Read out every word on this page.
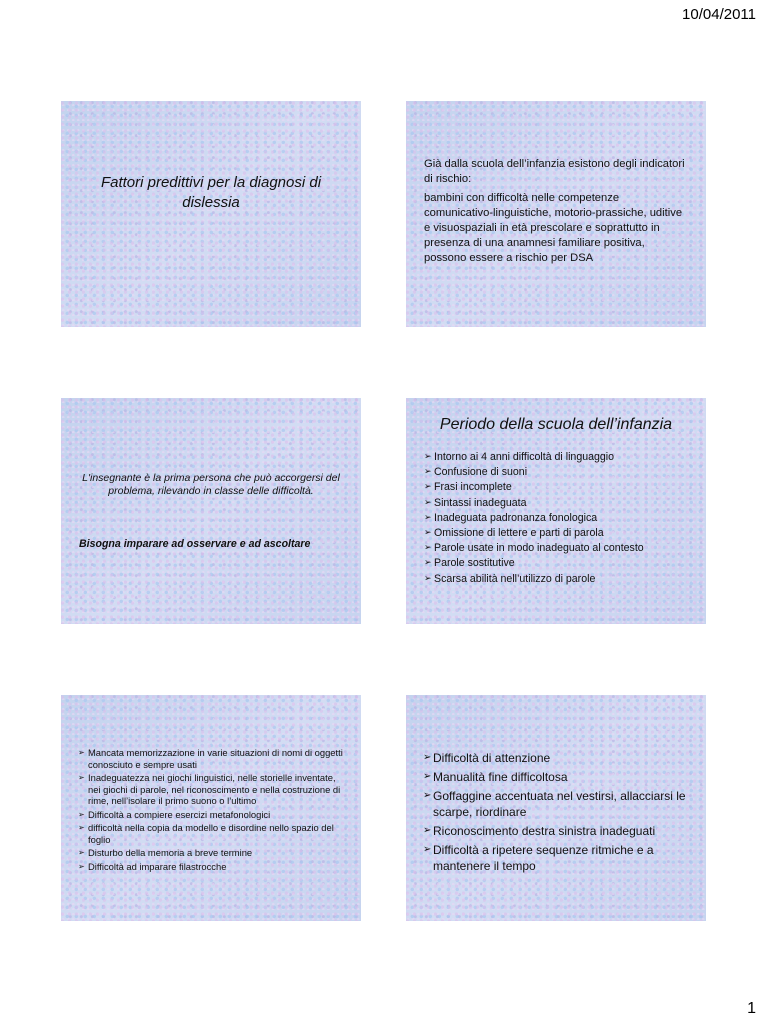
10/04/2011
Fattori predittivi per la diagnosi di dislessia

Già dalla scuola dell’infanzia esistono degli indicatori di rischio:

bambini con difficoltà nelle competenze comunicativo-linguistiche, motorio-prassiche, uditive e visuospaziali in età prescolare e soprattutto in presenza di una anamnesi familiare positiva, possono essere a rischio per DSA

L'insegnante è la prima persona che può accorgersi del problema, rilevando in classe delle difficoltà.
Bisogna imparare ad osservare e ad ascoltare
Periodo della scuola dell’infanzia
➢ Intorno ai 4 anni difficoltà di linguaggio
➢ Confusione di suoni
➢ Frasi incomplete
➢ Sintassi inadeguata
➢ Inadeguata padronanza fonologica
➢ Omissione di lettere e parti di parola
➢ Parole usate in modo inadeguato al contesto
➢ Parole sostitutive
➢ Scarsa abilità nell’utilizzo di parole
➢ Mancata memorizzazione in varie situazioni di nomi di oggetti conosciuto e sempre usati
➢ Inadeguatezza nei giochi linguistici, nelle storielle inventate, nei giochi di parole, nel riconoscimento e nella costruzione di rime, nell’isolare il primo suono o l’ultimo
➢ Difficoltà a compiere esercizi metafonologici
➢ difficoltà nella copia da modello e disordine nello spazio del foglio
➢ Disturbo della memoria a breve termine
➢ Difficoltà ad imparare filastrocche
➢ Difficoltà di attenzione
➢ Manualità fine difficoltosa
➢ Goffaggine accentuata nel vestirsi, allacciarsi le scarpe, riordinare
➢ Riconoscimento destra sinistra inadeguati
➢ Difficoltà a ripetere sequenze ritmiche e a mantenere il tempo
1
